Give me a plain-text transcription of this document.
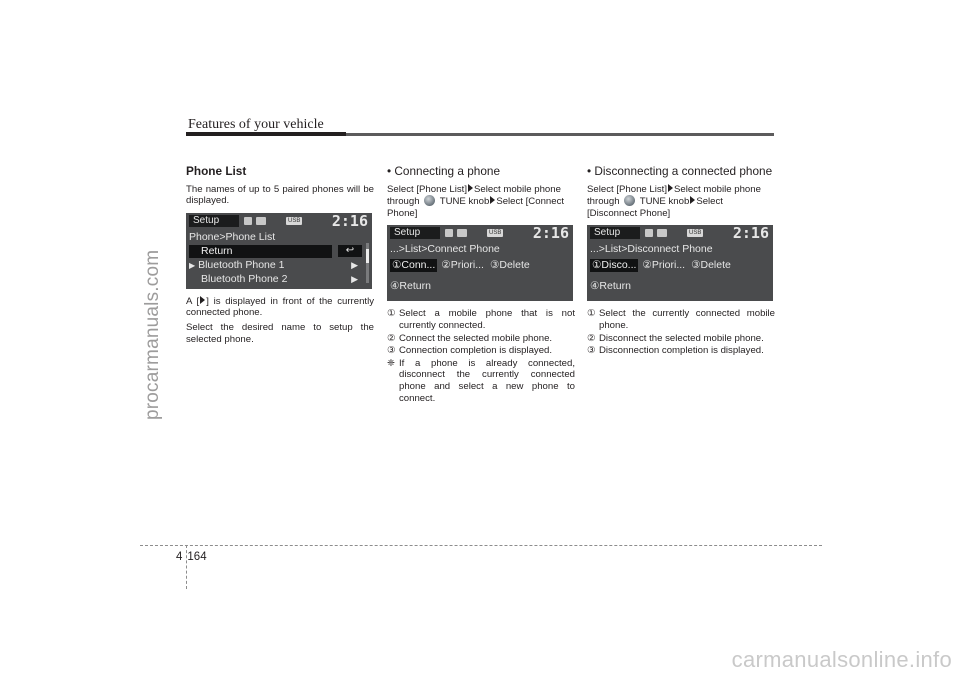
Features of your vehicle
procarmanuals.com
Phone List

The names of up to 5 paired phones will be displayed.

Setup	USB 2:16
Phone>Phone List
Return	↩
▶ Bluetooth Phone 1	▶
Bluetooth Phone 2	▶

A [ ] is displayed in front of the currently connected phone.

Select the desired name to setup the selected phone.

• Connecting a phone

Select [Phone List] Select mobile phone through TUNE knob Select [Connect Phone]

Setup	USB 2:16
...>List>Connect Phone
①Conn... ②Priori... ③Delete
④Return
① Select a mobile phone that is not currently connected.
② Connect the selected mobile phone.
③ Connection completion is displayed.
❈ If a phone is already connected, disconnect the currently connected phone and select a new phone to connect.
• Disconnecting a connected phone

Select [Phone List] Select mobile phone through TUNE knob Select [Disconnect Phone]

Setup	USB 2:16
...>List>Disconnect Phone
①Disco... ②Priori... ③Delete
④Return
① Select the currently connected mobile phone.
② Disconnect the selected mobile phone.
③ Disconnection completion is displayed.
4 164
carmanualsonline.info
